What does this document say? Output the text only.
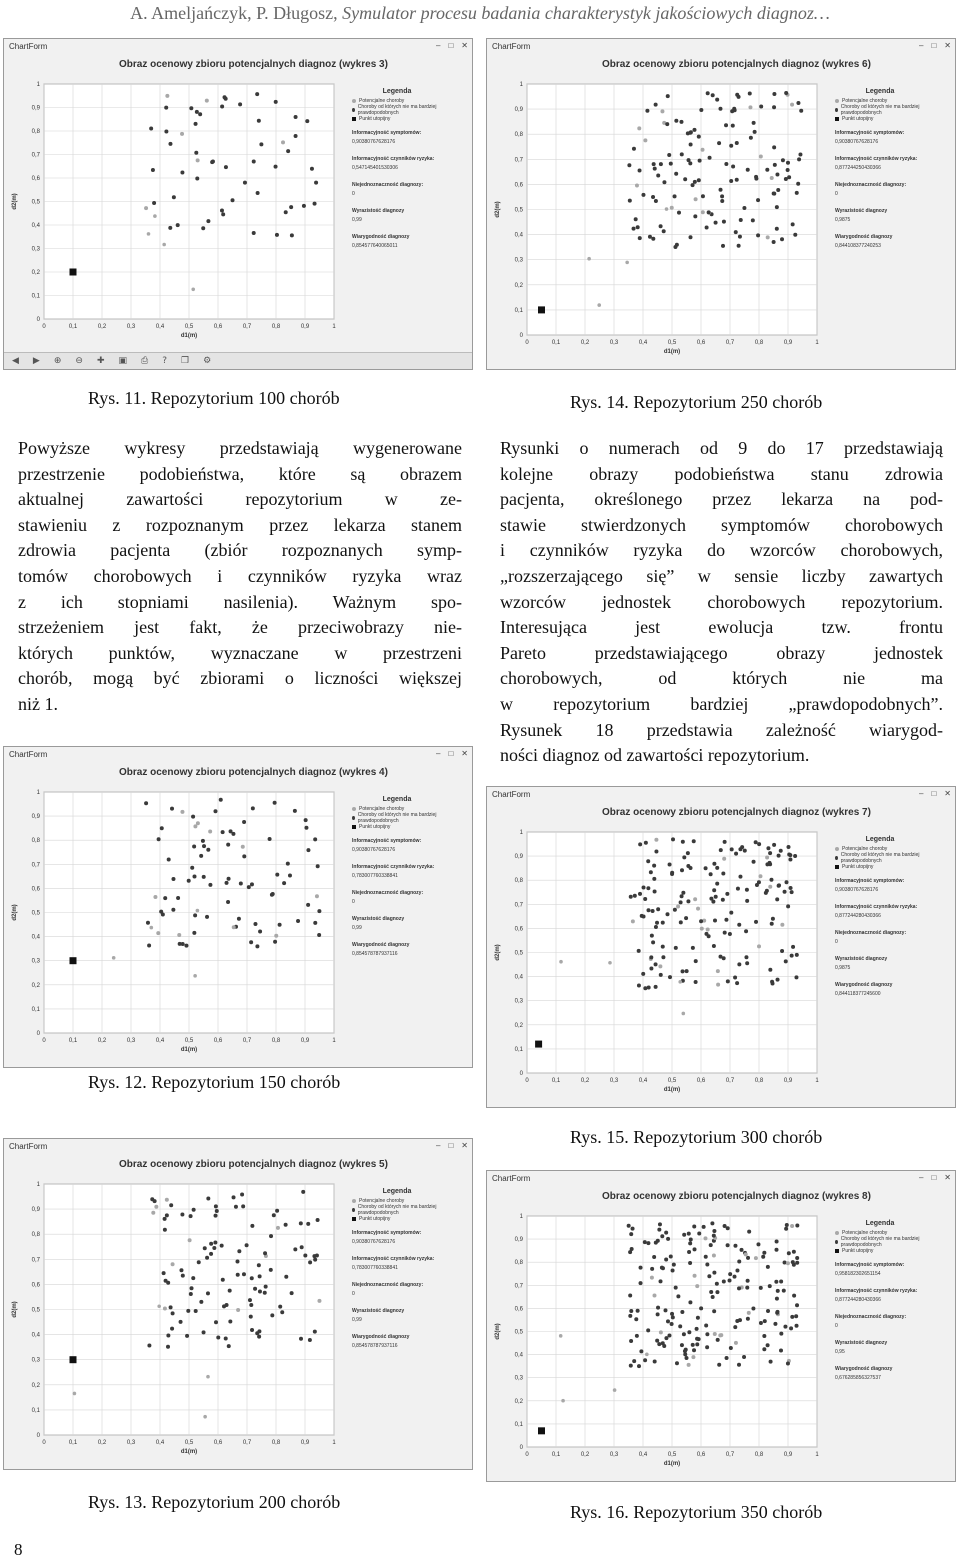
A. Ameljańczyk, P. Długosz, Symulator procesu badania charakterystyk jakościowych diagnoz…
ChartForm	– □ ✕
Obraz ocenowy zbioru potencjalnych diagnoz (wykres 3)
0
0
0,1
0,1
0,2
0,2
0,3
0,3
0,4
0,4
0,5
0,5
0,6
0,6
0,7
0,7
0,8
0,8
0,9
0,9
1
1
d1(m)
d2(m)
Legenda
Potencjalne choroby
Choroby od których nie ma bardziej prawdopodobnych
Punkt utopijny
Informacyjność symptomów:
0,90380767628176
Informacyjność czynników ryzyka:
0,547145401530306
Niejednoznaczność diagnozy:
0
Wyrazistość diagnozy
0,99
Wiarygodność diagnozy
0,854577640065011
◀ ▶ ⊕ ⊖ ✚ ▣ ⎙ ? ❐ ⚙
ChartForm	– □ ✕
Obraz ocenowy zbioru potencjalnych diagnoz (wykres 6)
0
0
0,1
0,1
0,2
0,2
0,3
0,3
0,4
0,4
0,5
0,5
0,6
0,6
0,7
0,7
0,8
0,8
0,9
0,9
1
1
d1(m)
d2(m)
Legenda
Potencjalne choroby
Choroby od których nie ma bardziej prawdopodobnych
Punkt utopijny
Informacyjność symptomów:
0,90380767628176
Informacyjność czynników ryzyka:
0,877244250430366
Niejednoznaczność diagnozy:
0
Wyrazistość diagnozy
0,9875
Wiarygodność diagnozy
0,844108377240253
ChartForm	– □ ✕
Obraz ocenowy zbioru potencjalnych diagnoz (wykres 4)
0
0
0,1
0,1
0,2
0,2
0,3
0,3
0,4
0,4
0,5
0,5
0,6
0,6
0,7
0,7
0,8
0,8
0,9
0,9
1
1
d1(m)
d2(m)
Legenda
Potencjalne choroby
Choroby od których nie ma bardziej prawdopodobnych
Punkt utopijny
Informacyjność symptomów:
0,90380767628176
Informacyjność czynników ryzyka:
0,783007760338841
Niejednoznaczność diagnozy:
0
Wyrazistość diagnozy
0,99
Wiarygodność diagnozy
0,854578787937116
ChartForm	– □ ✕
Obraz ocenowy zbioru potencjalnych diagnoz (wykres 7)
0
0
0,1
0,1
0,2
0,2
0,3
0,3
0,4
0,4
0,5
0,5
0,6
0,6
0,7
0,7
0,8
0,8
0,9
0,9
1
1
d1(m)
d2(m)
Legenda
Potencjalne choroby
Choroby od których nie ma bardziej prawdopodobnych
Punkt utopijny
Informacyjność symptomów:
0,90380767628176
Informacyjność czynników ryzyka:
0,877244280430366
Niejednoznaczność diagnozy:
0
Wyrazistość diagnozy
0,9875
Wiarygodność diagnozy
0,844118377245600
ChartForm	– □ ✕
Obraz ocenowy zbioru potencjalnych diagnoz (wykres 5)
0
0
0,1
0,1
0,2
0,2
0,3
0,3
0,4
0,4
0,5
0,5
0,6
0,6
0,7
0,7
0,8
0,8
0,9
0,9
1
1
d1(m)
d2(m)
Legenda
Potencjalne choroby
Choroby od których nie ma bardziej prawdopodobnych
Punkt utopijny
Informacyjność symptomów:
0,90380767628176
Informacyjność czynników ryzyka:
0,783007760338841
Niejednoznaczność diagnozy:
0
Wyrazistość diagnozy
0,99
Wiarygodność diagnozy
0,854578787937116
ChartForm	– □ ✕
Obraz ocenowy zbioru potencjalnych diagnoz (wykres 8)
0
0
0,1
0,1
0,2
0,2
0,3
0,3
0,4
0,4
0,5
0,5
0,6
0,6
0,7
0,7
0,8
0,8
0,9
0,9
1
1
d1(m)
d2(m)
Legenda
Potencjalne choroby
Choroby od których nie ma bardziej prawdopodobnych
Punkt utopijny
Informacyjność symptomów:
0,958182302651154
Informacyjność czynników ryzyka:
0,877244280430366
Niejednoznaczność diagnozy:
0
Wyrazistość diagnozy
0,95
Wiarygodność diagnozy
0,676285856327537
Rys. 11. Repozytorium 100 chorób	Rys. 14. Repozytorium 250 chorób
Rys. 12. Repozytorium 150 chorób
Rys. 15. Repozytorium 300 chorób
Rys. 13. Repozytorium 200 chorób	Rys. 16. Repozytorium 350 chorób
Powyższe wykresy przedstawiają wygenerowane
przestrzenie podobieństwa, które są obrazem
aktualnej zawartości repozytorium w ze-
stawieniu z rozpoznanym przez lekarza stanem
zdrowia pacjenta (zbiór rozpoznanych symp-
tomów chorobowych i czynników ryzyka wraz
z ich stopniami nasilenia). Ważnym spo-
strzeżeniem jest fakt, że przeciwobrazy nie-
których punktów, wyznaczane w przestrzeni
chorób, mogą być zbiorami o liczności większej
niż 1.
Rysunki o numerach od 9 do 17 przedstawiają
kolejne obrazy podobieństwa stanu zdrowia
pacjenta, określonego przez lekarza na pod-
stawie stwierdzonych symptomów chorobowych
i czynników ryzyka do wzorców chorobowych,
„rozszerzającego się” w sensie liczby zawartych
wzorców jednostek chorobowych repozytorium.
Interesująca jest ewolucja tzw. frontu
Pareto przedstawiającego obrazy jednostek
chorobowych, od których nie ma
w repozytorium bardziej „prawdopodobnych”.
Rysunek 18 przedstawia zależność wiarygod-
ności diagnoz od zawartości repozytorium.
8
